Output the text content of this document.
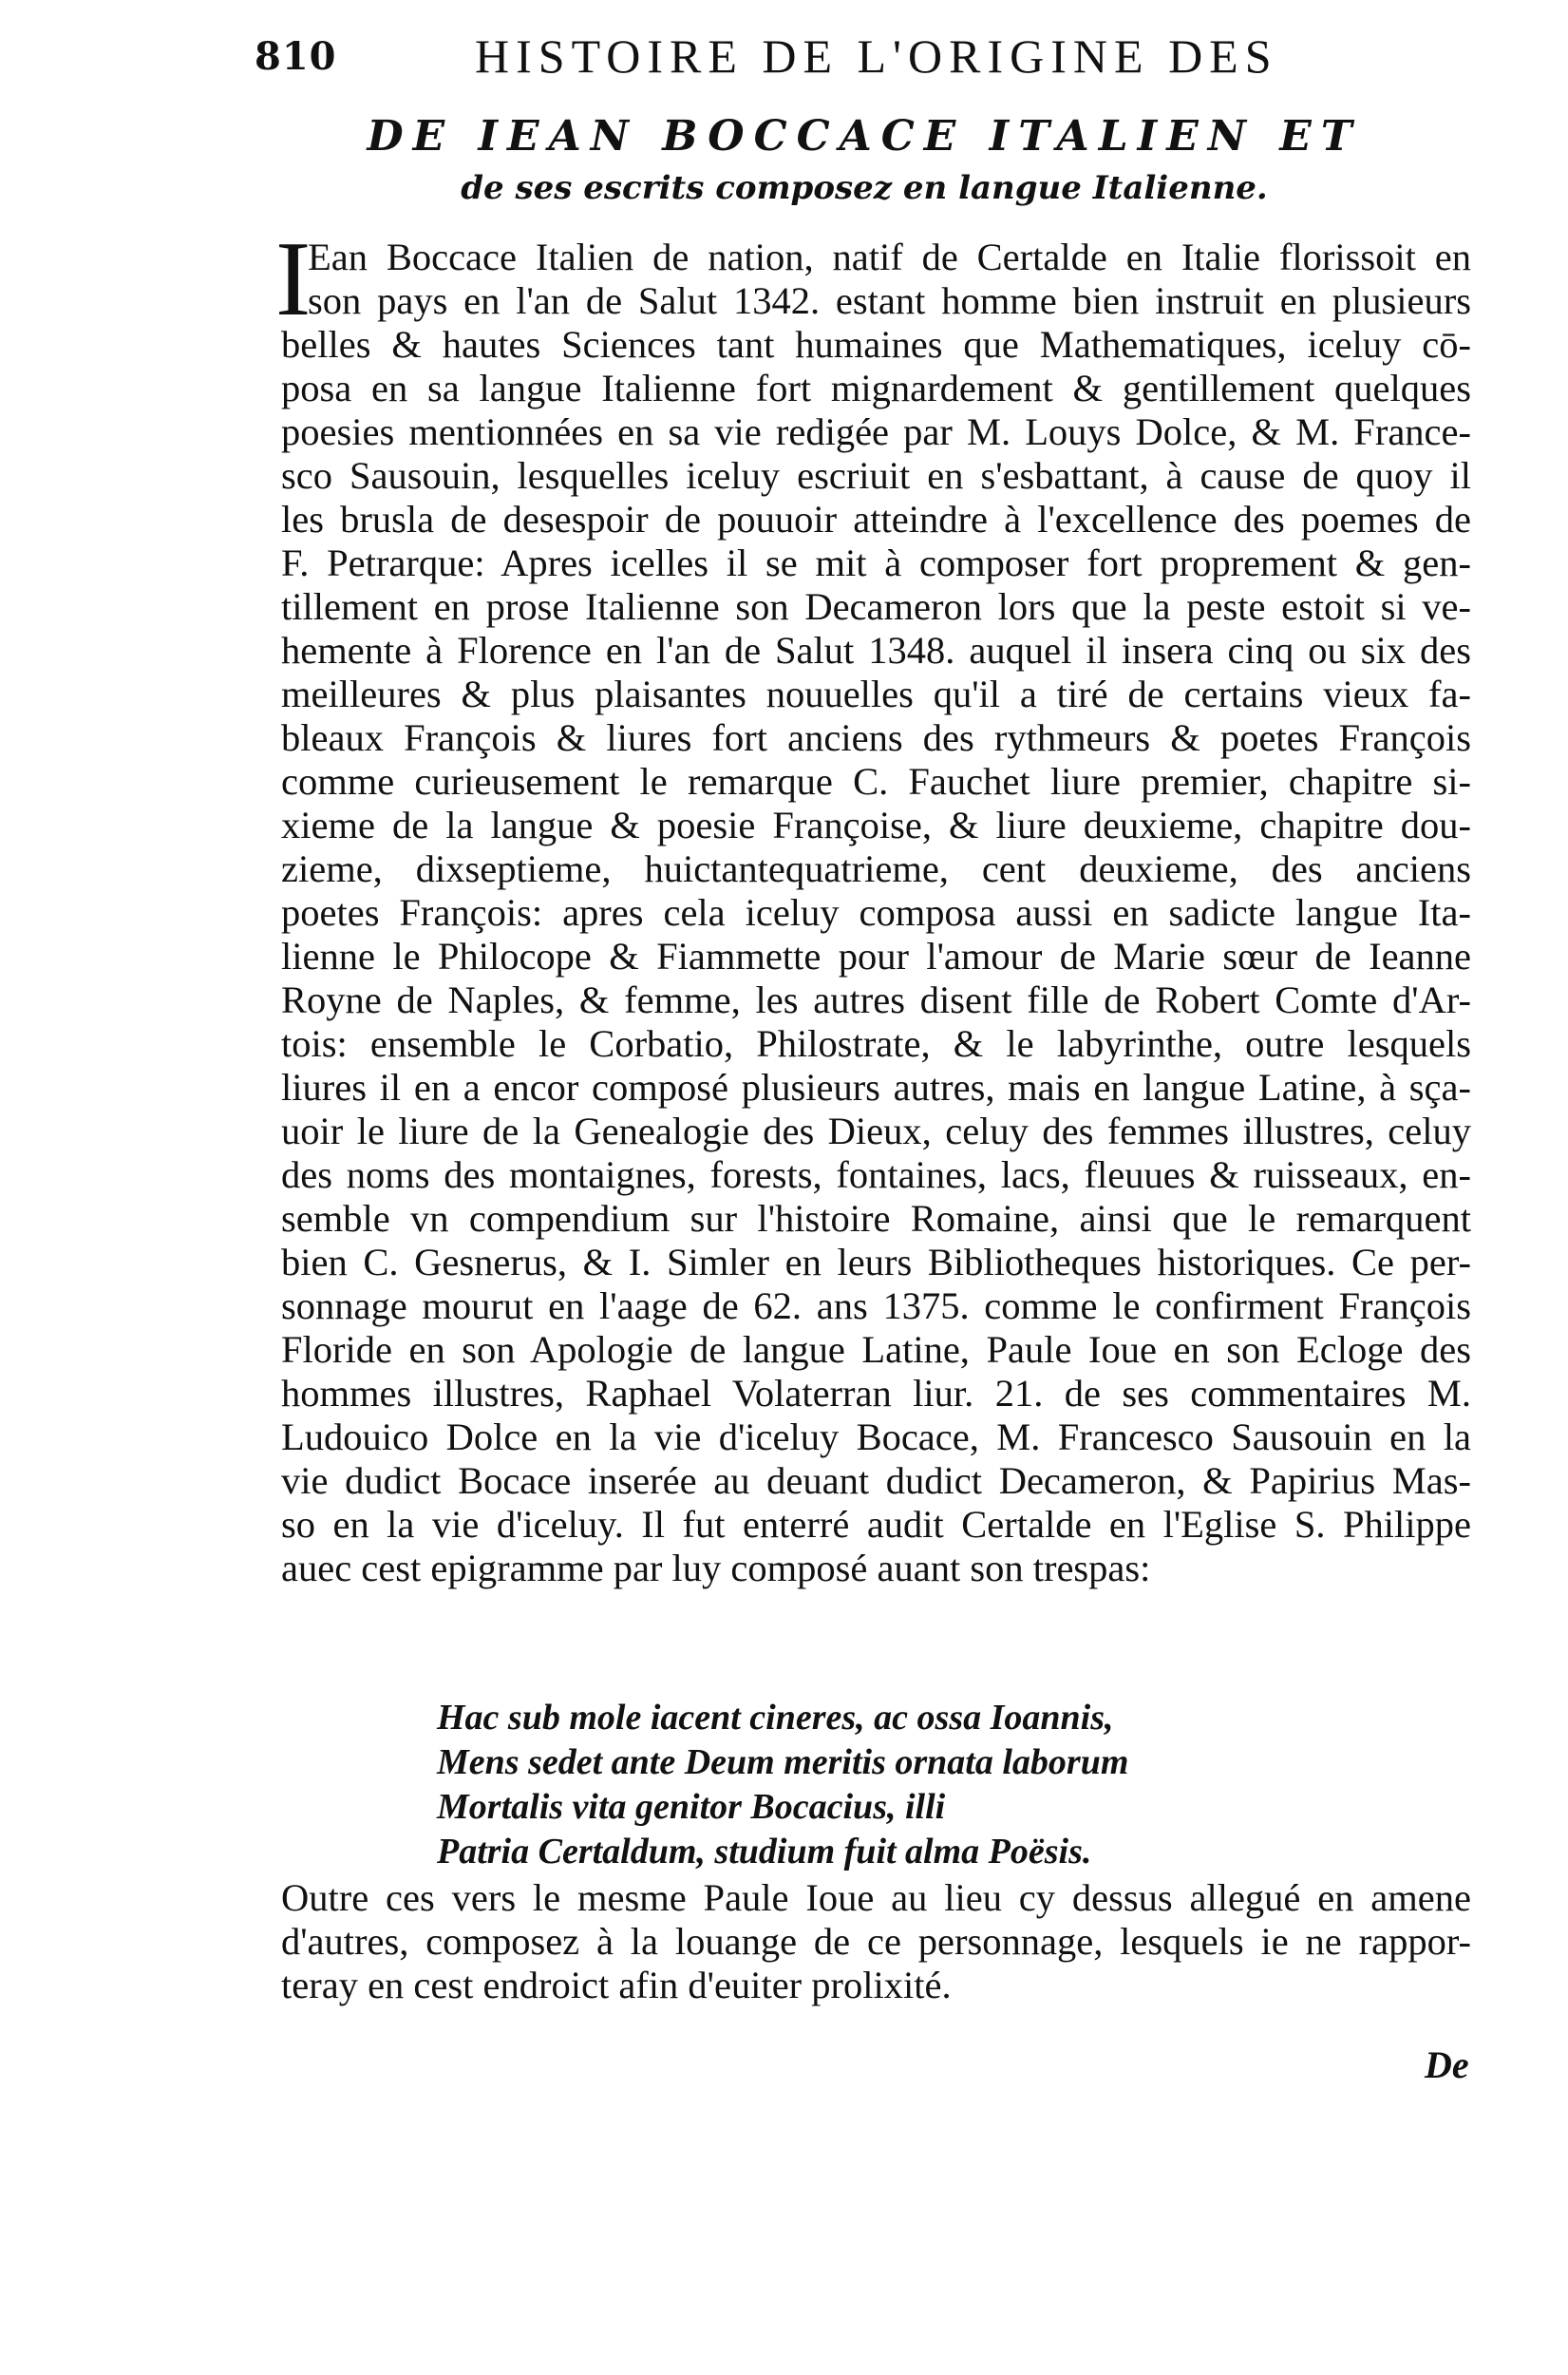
810	HISTOIRE DE L'ORIGINE DES
DE IEAN BOCCACE ITALIEN ET
de ses escrits composez en langue Italienne.
I
Ean Boccace Italien de nation, natif de Certalde en Italie florissoit en
son pays en l'an de Salut 1342. estant homme bien instruit en plusieurs
belles & hautes Sciences tant humaines que Mathematiques, iceluy cō-
posa en sa langue Italienne fort mignardement & gentillement quelques
poesies mentionnées en sa vie redigée par M. Louys Dolce, & M. France-
sco Sausouin, lesquelles iceluy escriuit en s'esbattant, à cause de quoy il
les brusla de desespoir de pouuoir atteindre à l'excellence des poemes de
F. Petrarque: Apres icelles il se mit à composer fort proprement & gen-
tillement en prose Italienne son Decameron lors que la peste estoit si ve-
hemente à Florence en l'an de Salut 1348. auquel il insera cinq ou six des
meilleures & plus plaisantes nouuelles qu'il a tiré de certains vieux fa-
bleaux François & liures fort anciens des rythmeurs & poetes François
comme curieusement le remarque C. Fauchet liure premier, chapitre si-
xieme de la langue & poesie Françoise, & liure deuxieme, chapitre dou-
zieme, dixseptieme, huictantequatrieme, cent deuxieme, des anciens
poetes François: apres cela iceluy composa aussi en sadicte langue Ita-
lienne le Philocope & Fiammette pour l'amour de Marie sœur de Ieanne
Royne de Naples, & femme, les autres disent fille de Robert Comte d'Ar-
tois: ensemble le Corbatio, Philostrate, & le labyrinthe, outre lesquels
liures il en a encor composé plusieurs autres, mais en langue Latine, à sça-
uoir le liure de la Genealogie des Dieux, celuy des femmes illustres, celuy
des noms des montaignes, forests, fontaines, lacs, fleuues & ruisseaux, en-
semble vn compendium sur l'histoire Romaine, ainsi que le remarquent
bien C. Gesnerus, & I. Simler en leurs Bibliotheques historiques. Ce per-
sonnage mourut en l'aage de 62. ans 1375. comme le confirment François
Floride en son Apologie de langue Latine, Paule Ioue en son Ecloge des
hommes illustres, Raphael Volaterran liur. 21. de ses commentaires M.
Ludouico Dolce en la vie d'iceluy Bocace, M. Francesco Sausouin en la
vie dudict Bocace inserée au deuant dudict Decameron, & Papirius Mas-
so en la vie d'iceluy. Il fut enterré audit Certalde en l'Eglise S. Philippe
auec cest epigramme par luy composé auant son trespas:
Hac sub mole iacent cineres, ac ossa Ioannis,
Mens sedet ante Deum meritis ornata laborum
Mortalis vita genitor Bocacius, illi
Patria Certaldum, studium fuit alma Poësis.
Outre ces vers le mesme Paule Ioue au lieu cy dessus allegué en amene
d'autres, composez à la louange de ce personnage, lesquels ie ne rappor-
teray en cest endroict afin d'euiter prolixité.
De
